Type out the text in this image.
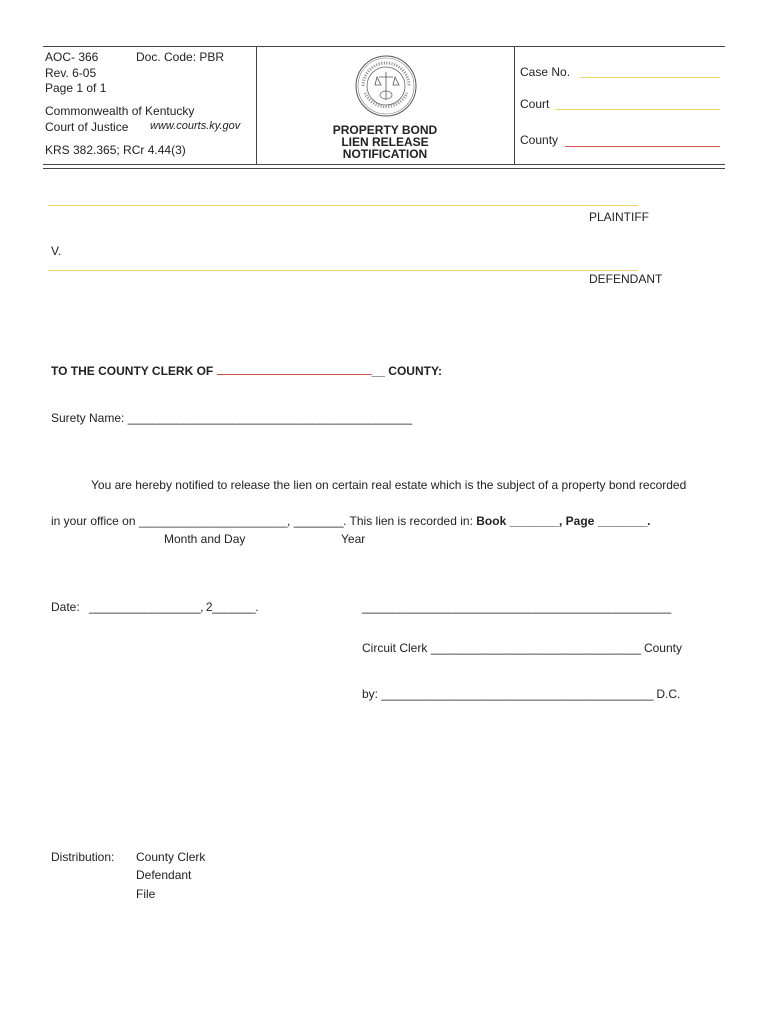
AOC- 366	Doc. Code: PBR
Rev. 6-05
Page 1 of 1
Commonwealth of Kentucky
Court of Justice www.courts.ky.gov
KRS 382.365; RCr 4.44(3)
PROPERTY BOND
LIEN RELEASE
NOTIFICATION
Case No.
Court
County
PLAINTIFF
V.
DEFENDANT
TO THE COUNTY CLERK OF	__ COUNTY:
Surety Name: ______________________________________________
You are hereby notified to release the lien on certain real estate which is the subject of a property bond recorded
in your office on ________________________, ________. This lien is recorded in: Book ________, Page ________.
Month and Day	Year
Date: __________________, 2_______.	__________________________________________________
Circuit Clerk __________________________________ County
by: ____________________________________________ D.C.
Distribution: County Clerk
Defendant
File
